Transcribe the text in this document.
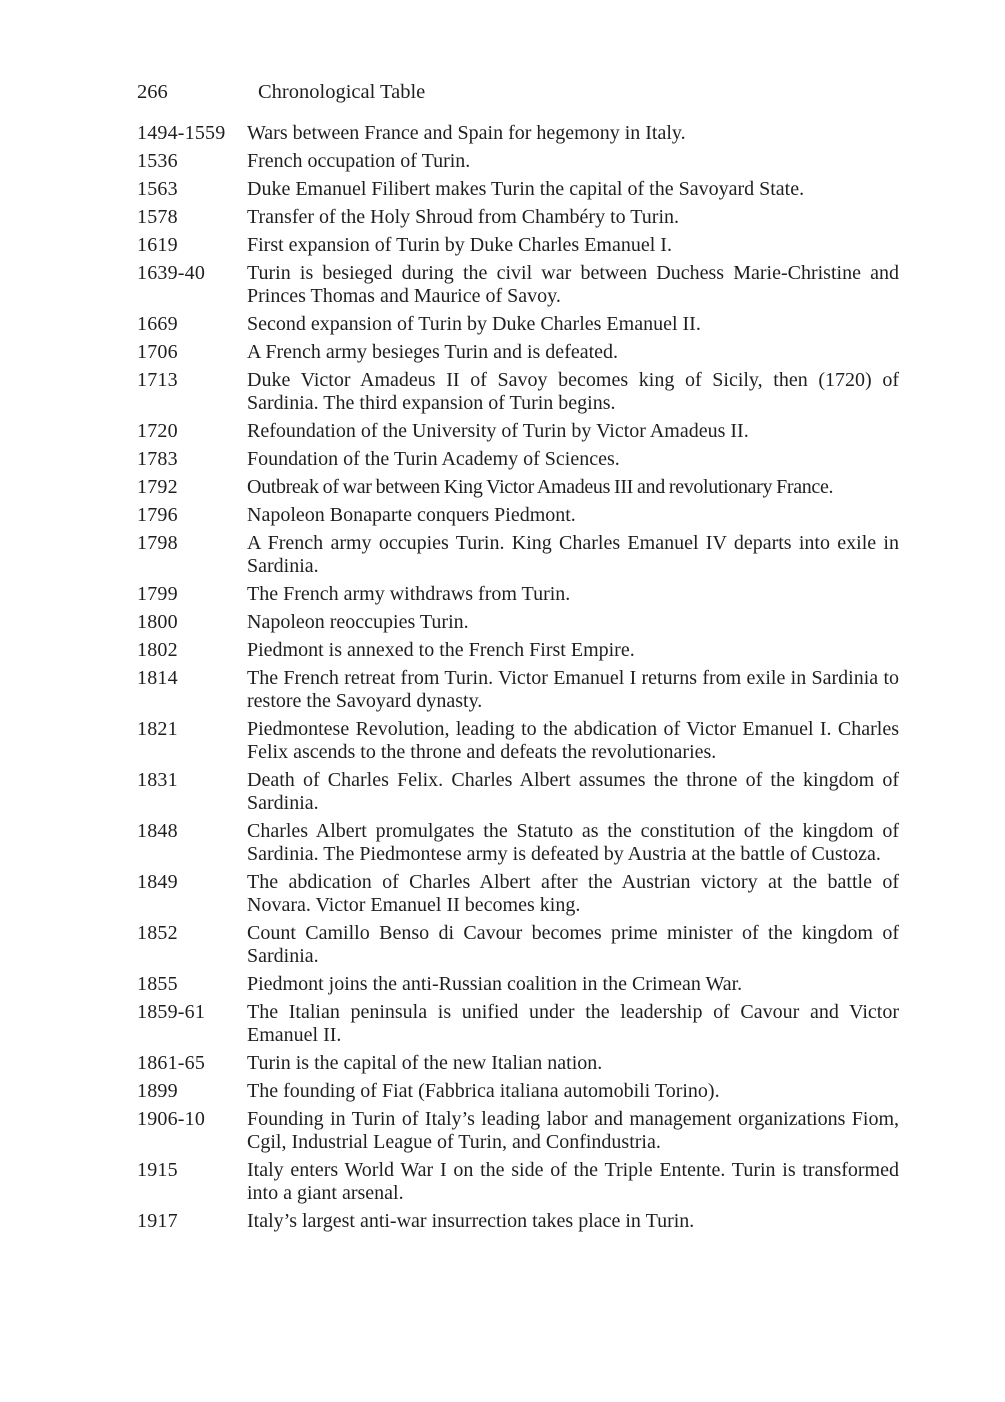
266	Chronological Table
1494-1559	Wars between France and Spain for hegemony in Italy.
1536	French occupation of Turin.
1563	Duke Emanuel Filibert makes Turin the capital of the Savoyard State.
1578	Transfer of the Holy Shroud from Chambéry to Turin.
1619	First expansion of Turin by Duke Charles Emanuel I.
1639-40	Turin is besieged during the civil war between Duchess Marie-Christine and Princes Thomas and Maurice of Savoy.
1669	Second expansion of Turin by Duke Charles Emanuel II.
1706	A French army besieges Turin and is defeated.
1713	Duke Victor Amadeus II of Savoy becomes king of Sicily, then (1720) of Sardinia. The third expansion of Turin begins.
1720	Refoundation of the University of Turin by Victor Amadeus II.
1783	Foundation of the Turin Academy of Sciences.
1792	Outbreak of war between King Victor Amadeus III and revolutionary France.
1796	Napoleon Bonaparte conquers Piedmont.
1798	A French army occupies Turin. King Charles Emanuel IV departs into exile in Sardinia.
1799	The French army withdraws from Turin.
1800	Napoleon reoccupies Turin.
1802	Piedmont is annexed to the French First Empire.
1814	The French retreat from Turin. Victor Emanuel I returns from exile in Sardinia to restore the Savoyard dynasty.
1821	Piedmontese Revolution, leading to the abdication of Victor Emanuel I. Charles Felix ascends to the throne and defeats the revolutionaries.
1831	Death of Charles Felix. Charles Albert assumes the throne of the kingdom of Sardinia.
1848	Charles Albert promulgates the Statuto as the constitution of the kingdom of Sardinia. The Piedmontese army is defeated by Austria at the battle of Custoza.
1849	The abdication of Charles Albert after the Austrian victory at the battle of Novara. Victor Emanuel II becomes king.
1852	Count Camillo Benso di Cavour becomes prime minister of the kingdom of Sardinia.
1855	Piedmont joins the anti-Russian coalition in the Crimean War.
1859-61	The Italian peninsula is unified under the leadership of Cavour and Victor Emanuel II.
1861-65	Turin is the capital of the new Italian nation.
1899	The founding of Fiat (Fabbrica italiana automobili Torino).
1906-10	Founding in Turin of Italy’s leading labor and management organizations Fiom, Cgil, Industrial League of Turin, and Confindustria.
1915	Italy enters World War I on the side of the Triple Entente. Turin is transformed into a giant arsenal.
1917	Italy’s largest anti-war insurrection takes place in Turin.
